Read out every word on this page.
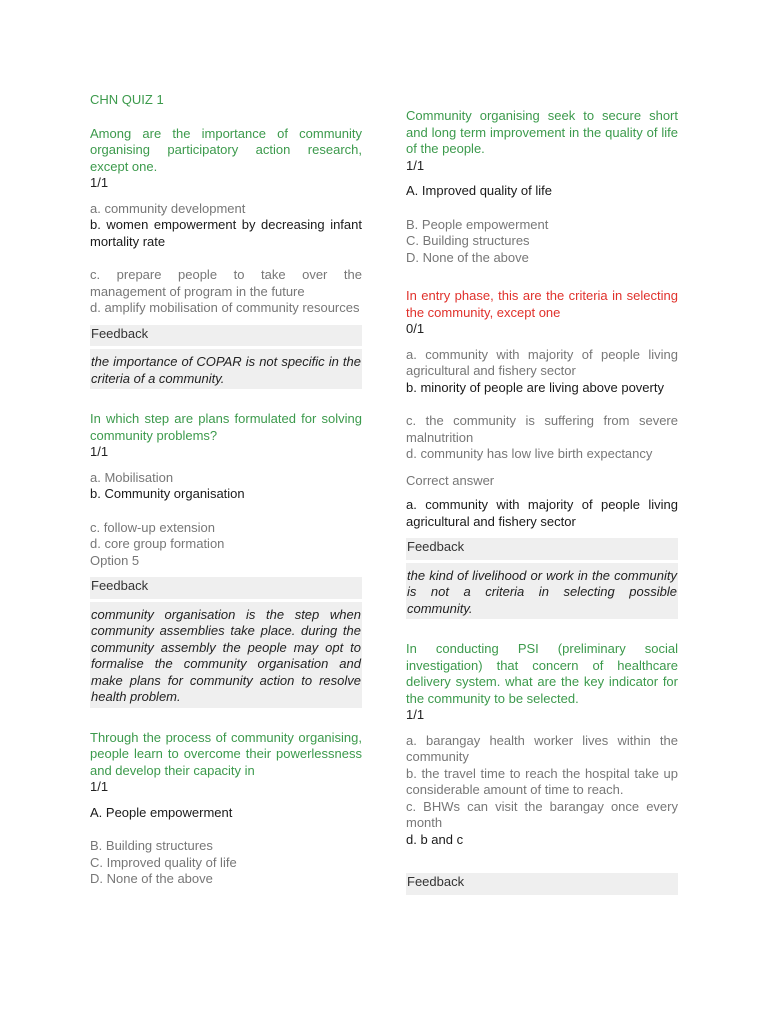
CHN QUIZ 1
Among are the importance of community organising participatory action research, except one.
1/1
a. community development
b. women empowerment by decreasing infant mortality rate
c. prepare people to take over the management of program in the future
d. amplify mobilisation of community resources
Feedback
the importance of COPAR is not specific in the criteria of a community.
In which step are plans formulated for solving community problems?
1/1
a. Mobilisation
b. Community organisation
c. follow-up extension
d. core group formation
Option 5
Feedback
community organisation is the step when community assemblies take place. during the community assembly the people may opt to formalise the community organisation and make plans for community action to resolve health problem.
Through the process of community organising, people learn to overcome their powerlessness and develop their capacity in
1/1
A. People empowerment
B. Building structures
C. Improved quality of life
D. None of the above
Community organising seek to secure short and long term improvement in the quality of life of the people.
1/1
A. Improved quality of life
B. People empowerment
C. Building structures
D. None of the above
In entry phase, this are the criteria in selecting the community, except one
0/1
a. community with majority of people living agricultural and fishery sector
b. minority of people are living above poverty
c. the community is suffering from severe malnutrition
d. community has low live birth expectancy
Correct answer
a. community with majority of people living agricultural and fishery sector
Feedback
the kind of livelihood or work in the community is not a criteria in selecting possible community.
In conducting PSI (preliminary social investigation) that concern of healthcare delivery system. what are the key indicator for the community to be selected.
1/1
a. barangay health worker lives within the community
b. the travel time to reach the hospital take up considerable amount of time to reach.
c. BHWs can visit the barangay once every month
d. b and c
Feedback
